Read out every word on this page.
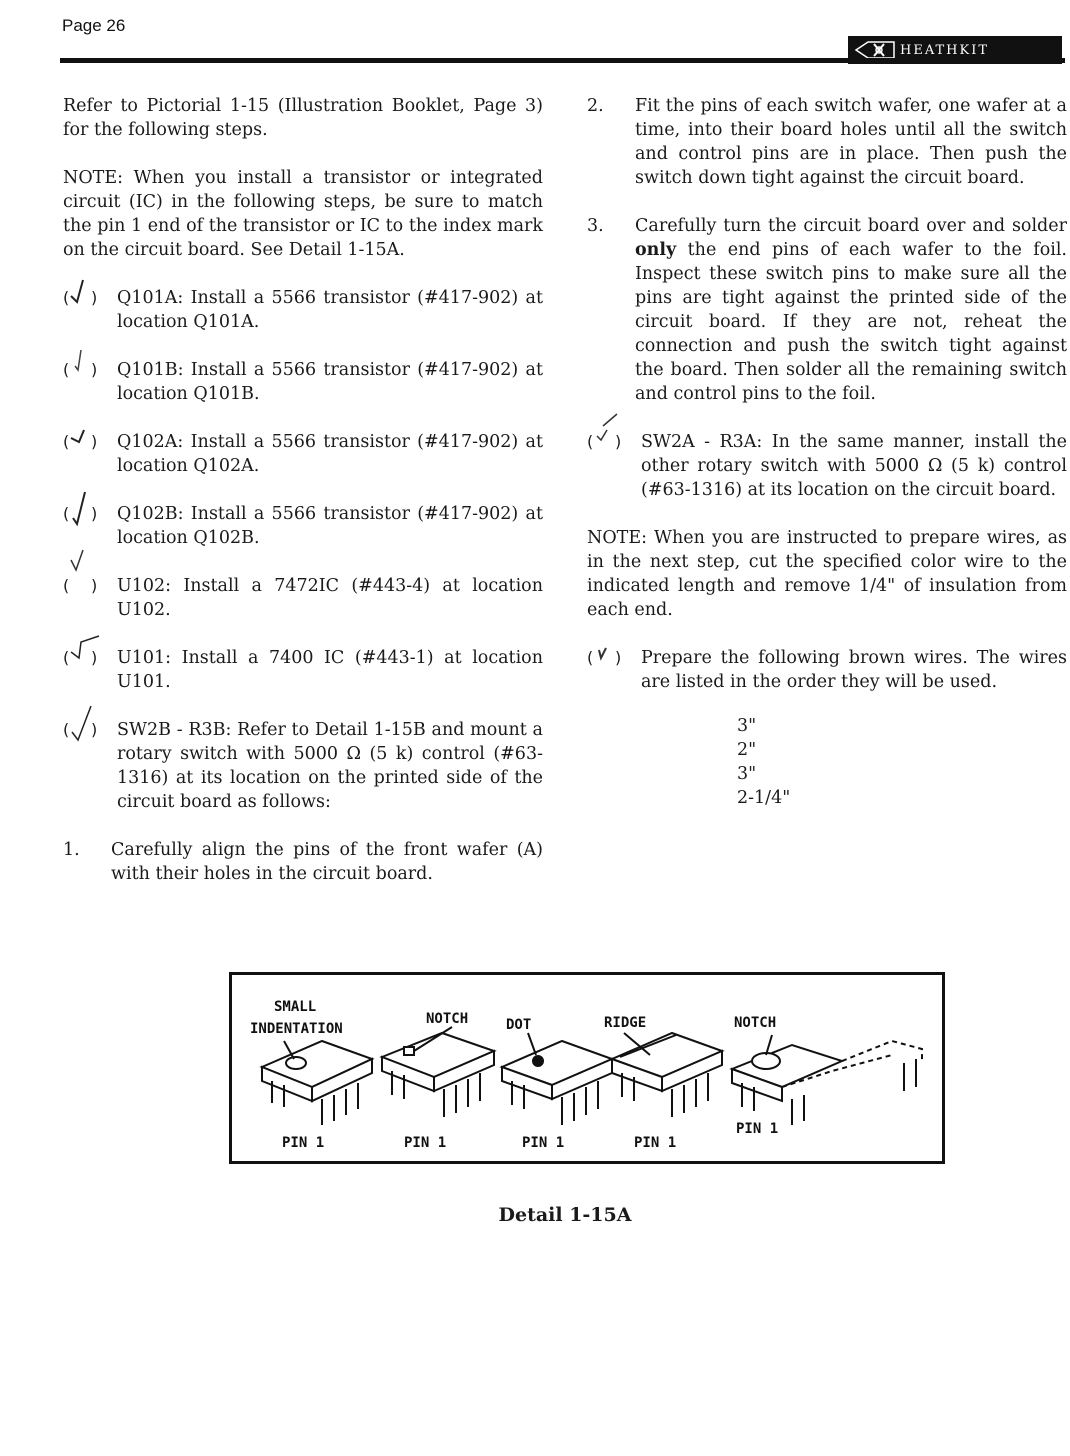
Page 26
HEATHKIT

Refer to Pictorial 1-15 (Illustration Booklet, Page 3) for the following steps.

NOTE: When you install a transistor or integrated circuit (IC) in the following steps, be sure to match the pin 1 end of the transistor or IC to the index mark on the circuit board. See Detail 1-15A.

( ) Q101A: Install a 5566 transistor (#417-902) at location Q101A.
( ) Q101B: Install a 5566 transistor (#417-902) at location Q101B.
( ) Q102A: Install a 5566 transistor (#417-902) at location Q102A.
( ) Q102B: Install a 5566 transistor (#417-902) at location Q102B.
( ) U102: Install a 7472IC (#443-4) at location U102.
( ) U101: Install a 7400 IC (#443-1) at location U101.
( ) SW2B - R3B: Refer to Detail 1-15B and mount a rotary switch with 5000 Ω (5 k) control (#63-1316) at its location on the printed side of the circuit board as follows:
1. Carefully align the pins of the front wafer (A) with their holes in the circuit board.
2. Fit the pins of each switch wafer, one wafer at a time, into their board holes until all the switch and control pins are in place. Then push the switch down tight against the circuit board.
3. Carefully turn the circuit board over and solder only the end pins of each wafer to the foil. Inspect these switch pins to make sure all the pins are tight against the printed side of the circuit board. If they are not, reheat the connection and push the switch tight against the board. Then solder all the remaining switch and control pins to the foil.
( ) SW2A - R3A: In the same manner, install the other rotary switch with 5000 Ω (5 k) control (#63-1316) at its location on the circuit board.

NOTE: When you are instructed to prepare wires, as in the next step, cut the specified color wire to the indicated length and remove 1/4" of insulation from each end.

( ) Prepare the following brown wires. The wires are listed in the order they will be used.
3"
2"
3"
2-1/4"
SMALL
INDENTATION
NOTCH	DOT	RIDGE	NOTCH
PIN 1	PIN 1	PIN 1	PIN 1
PIN 1
Detail 1-15A
